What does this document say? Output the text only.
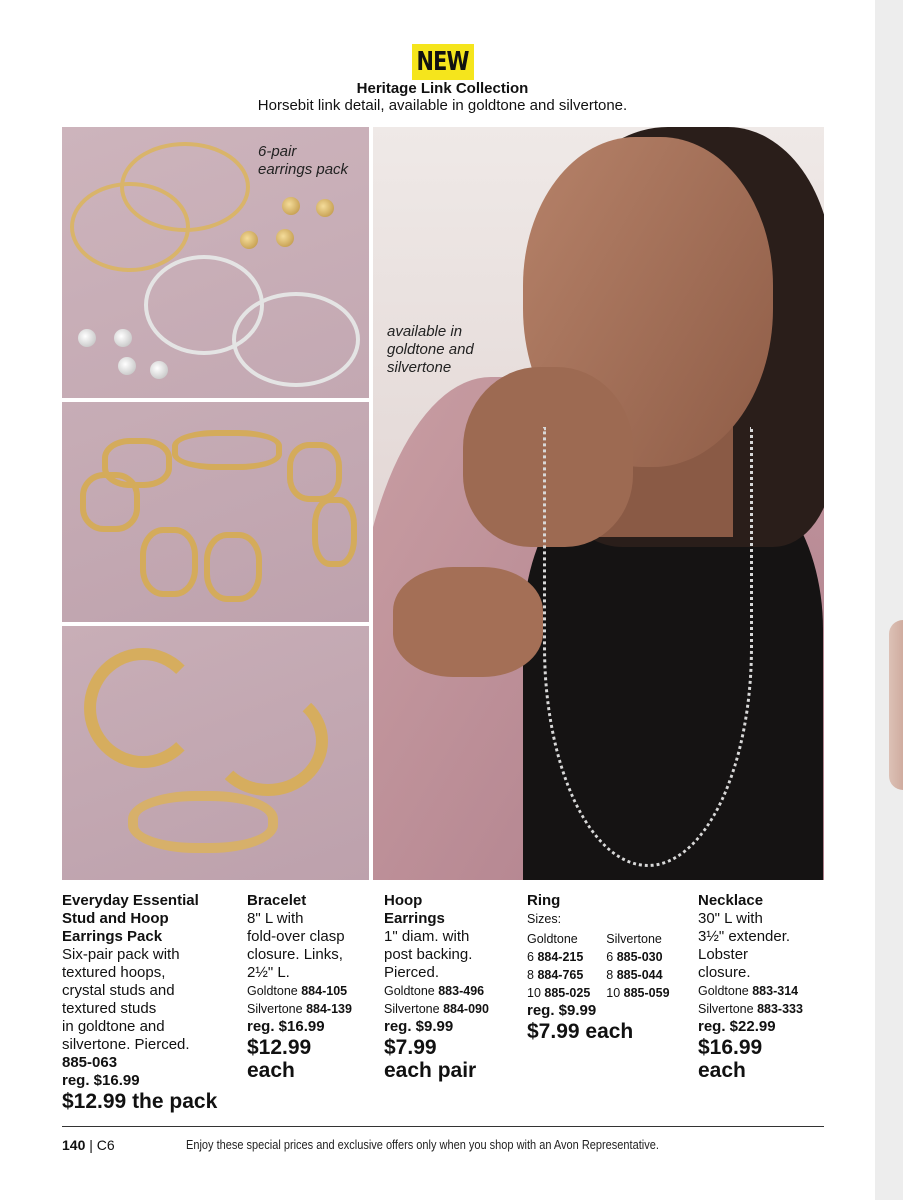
NEW
Heritage Link Collection
Horsebit link detail, available in goldtone and silvertone.
6-pair
earrings pack
available in
goldtone and
silvertone
Everyday Essential
Stud and Hoop
Earrings Pack
Six-pair pack with
textured hoops,
crystal studs and
textured studs
in goldtone and
silvertone. Pierced.
885-063
reg. $16.99
$12.99 the pack
Bracelet
8" L with
fold-over clasp
closure. Links,
2½" L.
Goldtone 884-105
Silvertone 884-139
reg. $16.99
$12.99
each
Hoop
Earrings
1" diam. with
post backing.
Pierced.
Goldtone 883-496
Silvertone 884-090
reg. $9.99
$7.99
each pair
Ring
Sizes:
Goldtone	Silvertone
6 884-215	6 885-030
8 884-765	8 885-044
10 885-025	10 885-059
reg. $9.99
$7.99 each
Necklace
30" L with
3½" extender.
Lobster
closure.
Goldtone 883-314
Silvertone 883-333
reg. $22.99
$16.99
each
140 | C6	Enjoy these special prices and exclusive offers only when you shop with an Avon Representative.
